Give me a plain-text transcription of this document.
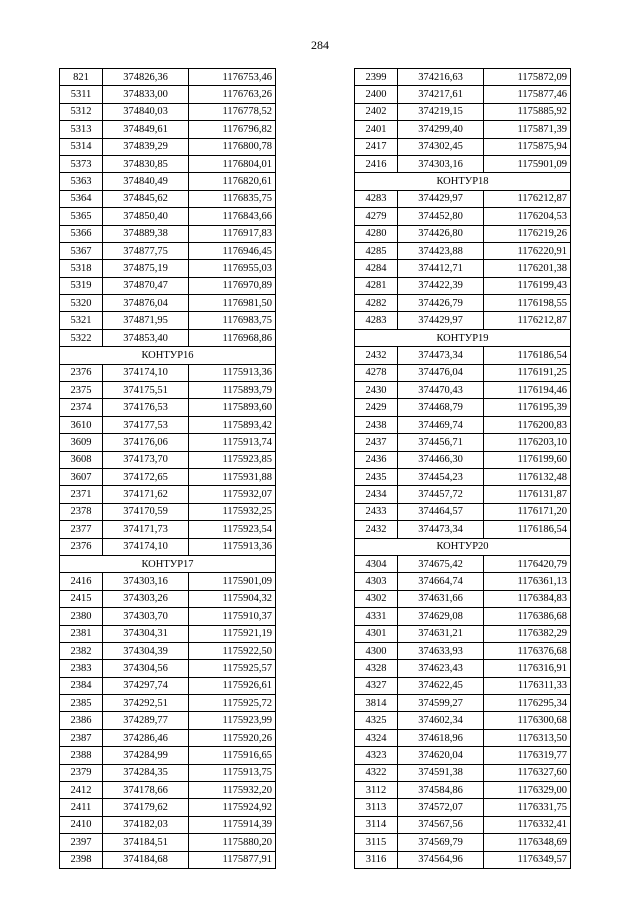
284
821	374826,36	1176753,46
5311	374833,00	1176763,26
5312	374840,03	1176778,52
5313	374849,61	1176796,82
5314	374839,29	1176800,78
5373	374830,85	1176804,01
5363	374840,49	1176820,61
5364	374845,62	1176835,75
5365	374850,40	1176843,66
5366	374889,38	1176917,83
5367	374877,75	1176946,45
5318	374875,19	1176955,03
5319	374870,47	1176970,89
5320	374876,04	1176981,50
5321	374871,95	1176983,75
5322	374853,40	1176968,86
КОНТУР16		
2376	374174,10	1175913,36
2375	374175,51	1175893,79
2374	374176,53	1175893,60
3610	374177,53	1175893,42
3609	374176,06	1175913,74
3608	374173,70	1175923,85
3607	374172,65	1175931,88
2371	374171,62	1175932,07
2378	374170,59	1175932,25
2377	374171,73	1175923,54
2376	374174,10	1175913,36
КОНТУР17		
2416	374303,16	1175901,09
2415	374303,26	1175904,32
2380	374303,70	1175910,37
2381	374304,31	1175921,19
2382	374304,39	1175922,50
2383	374304,56	1175925,57
2384	374297,74	1175926,61
2385	374292,51	1175925,72
2386	374289,77	1175923,99
2387	374286,46	1175920,26
2388	374284,99	1175916,65
2379	374284,35	1175913,75
2412	374178,66	1175932,20
2411	374179,62	1175924,92
2410	374182,03	1175914,39
2397	374184,51	1175880,20
2398	374184,68	1175877,91
2399	374216,63	1175872,09
2400	374217,61	1175877,46
2402	374219,15	1175885,92
2401	374299,40	1175871,39
2417	374302,45	1175875,94
2416	374303,16	1175901,09
КОНТУР18		
4283	374429,97	1176212,87
4279	374452,80	1176204,53
4280	374426,80	1176219,26
4285	374423,88	1176220,91
4284	374412,71	1176201,38
4281	374422,39	1176199,43
4282	374426,79	1176198,55
4283	374429,97	1176212,87
КОНТУР19		
2432	374473,34	1176186,54
4278	374476,04	1176191,25
2430	374470,43	1176194,46
2429	374468,79	1176195,39
2438	374469,74	1176200,83
2437	374456,71	1176203,10
2436	374466,30	1176199,60
2435	374454,23	1176132,48
2434	374457,72	1176131,87
2433	374464,57	1176171,20
2432	374473,34	1176186,54
КОНТУР20		
4304	374675,42	1176420,79
4303	374664,74	1176361,13
4302	374631,66	1176384,83
4331	374629,08	1176386,68
4301	374631,21	1176382,29
4300	374633,93	1176376,68
4328	374623,43	1176316,91
4327	374622,45	1176311,33
3814	374599,27	1176295,34
4325	374602,34	1176300,68
4324	374618,96	1176313,50
4323	374620,04	1176319,77
4322	374591,38	1176327,60
3112	374584,86	1176329,00
3113	374572,07	1176331,75
3114	374567,56	1176332,41
3115	374569,79	1176348,69
3116	374564,96	1176349,57
